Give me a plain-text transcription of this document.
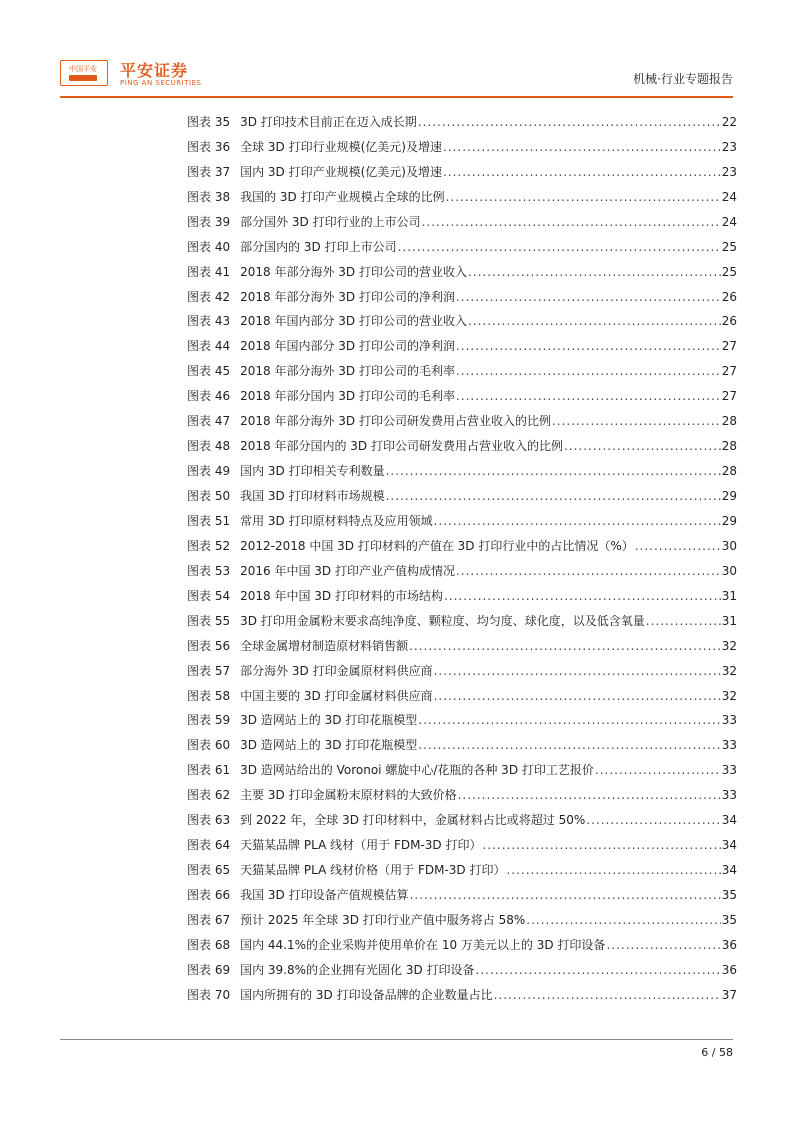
中国平安	平安证券
PING AN SECURITIES	机械·行业专题报告
图表 35 3D 打印技术目前正在迈入成长期 .....	22
图表 36 全球 3D 打印行业规模(亿美元)及增速 .....	23
图表 37 国内 3D 打印产业规模(亿美元)及增速 .....	23
图表 38 我国的 3D 打印产业规模占全球的比例 .....	24
图表 39 部分国外 3D 打印行业的上市公司 .....	24
图表 40 部分国内的 3D 打印上市公司 .....	25
图表 41 2018 年部分海外 3D 打印公司的营业收入 .....	25
图表 42 2018 年部分海外 3D 打印公司的净利润 .....	26
图表 43 2018 年国内部分 3D 打印公司的营业收入 .....	26
图表 44 2018 年国内部分 3D 打印公司的净利润 .....	27
图表 45 2018 年部分海外 3D 打印公司的毛利率 .....	27
图表 46 2018 年部分国内 3D 打印公司的毛利率 .....	27
图表 47 2018 年部分海外 3D 打印公司研发费用占营业收入的比例 .....	28
图表 48 2018 年部分国内的 3D 打印公司研发费用占营业收入的比例 .....	28
图表 49 国内 3D 打印相关专利数量 .....	28
图表 50 我国 3D 打印材料市场规模 .....	29
图表 51 常用 3D 打印原材料特点及应用领域 .....	29
图表 52 2012-2018 中国 3D 打印材料的产值在 3D 打印行业中的占比情况（%） .....	30
图表 53 2016 年中国 3D 打印产业产值构成情况 .....	30
图表 54 2018 年中国 3D 打印材料的市场结构 .....	31
图表 55 3D 打印用金属粉末要求高纯净度、颗粒度、均匀度、球化度，以及低含氧量 .....	31
图表 56 全球金属增材制造原材料销售额 .....	32
图表 57 部分海外 3D 打印金属原材料供应商 .....	32
图表 58 中国主要的 3D 打印金属材料供应商 .....	32
图表 59 3D 造网站上的 3D 打印花瓶模型 .....	33
图表 60 3D 造网站上的 3D 打印花瓶模型 .....	33
图表 61 3D 造网站给出的 Voronoi 螺旋中心/花瓶的各种 3D 打印工艺报价 .....	33
图表 62 主要 3D 打印金属粉末原材料的大致价格 .....	33
图表 63 到 2022 年，全球 3D 打印材料中，金属材料占比或将超过 50% .....	34
图表 64 天猫某品牌 PLA 线材（用于 FDM-3D 打印） .....	34
图表 65 天猫某品牌 PLA 线材价格（用于 FDM-3D 打印） .....	34
图表 66 我国 3D 打印设备产值规模估算 .....	35
图表 67 预计 2025 年全球 3D 打印行业产值中服务将占 58% .....	35
图表 68 国内 44.1%的企业采购并使用单价在 10 万美元以上的 3D 打印设备 .....	36
图表 69 国内 39.8%的企业拥有光固化 3D 打印设备 .....	36
图表 70 国内所拥有的 3D 打印设备品牌的企业数量占比 .....	37
6 / 58
